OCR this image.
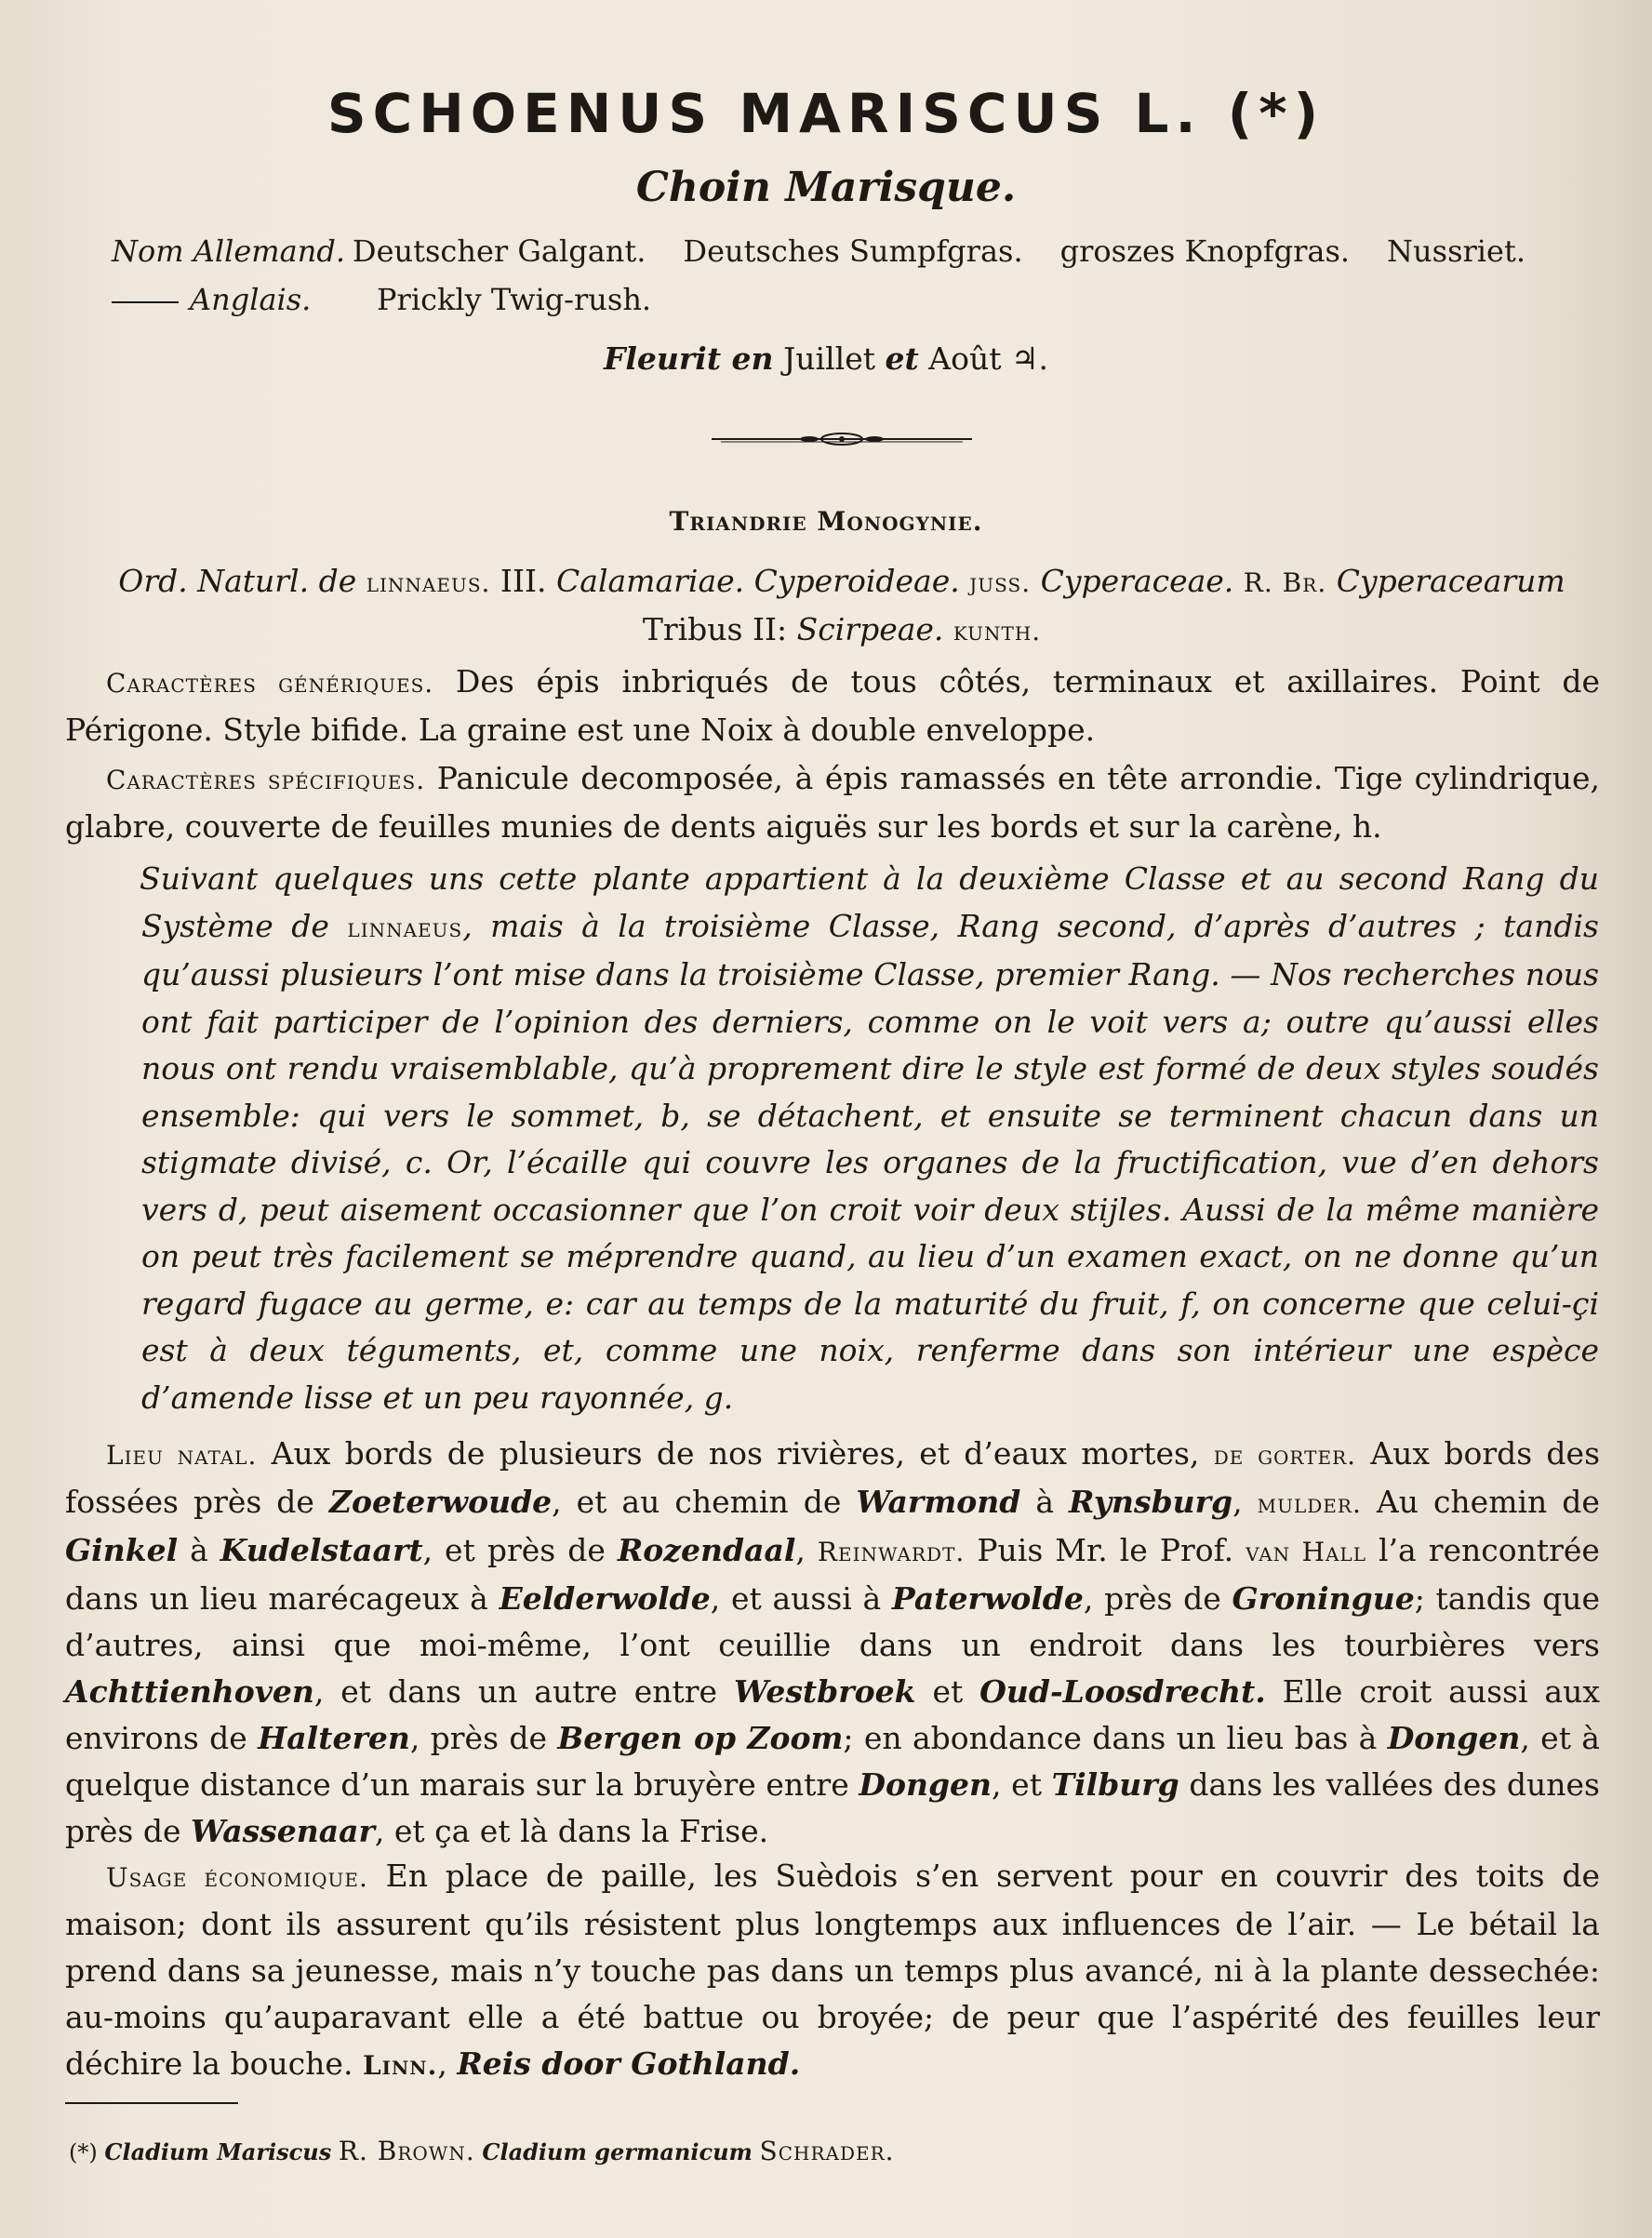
SCHOENUS MARISCUS L. (*)
Choin Marisque.
Nom Allemand. Deutscher Galgant. Deutsches Sumpfgras. groszes Knopfgras. Nussriet.
Anglais.	Prickly Twig-rush.
Fleurit en Juillet et Août ♃.
Triandrie Monogynie.
Ord. Naturl. de linnaeus. III. Calamariae. Cyperoideae. juss. Cyperaceae. R. Br. Cyperacearum Tribus II: Scirpeae. kunth.
Caractères génériques. Des épis inbriqués de tous côtés, terminaux et axillaires. Point de Périgone. Style bifide. La graine est une Noix à double enveloppe.
Caractères spécifiques. Panicule decomposée, à épis ramassés en tête arrondie. Tige cylindrique, glabre, couverte de feuilles munies de dents aiguës sur les bords et sur la carène, h.
Suivant quelques uns cette plante appartient à la deuxième Classe et au second Rang du Système de linnaeus, mais à la troisième Classe, Rang second, d’après d’autres ; tandis qu’aussi plusieurs l’ont mise dans la troisième Classe, premier Rang. — Nos recherches nous ont fait participer de l’opinion des derniers, comme on le voit vers a; outre qu’aussi elles nous ont rendu vraisemblable, qu’à proprement dire le style est formé de deux styles soudés ensemble: qui vers le sommet, b, se détachent, et ensuite se terminent chacun dans un stigmate divisé, c. Or, l’écaille qui couvre les organes de la fructification, vue d’en dehors vers d, peut aisement occasionner que l’on croit voir deux stijles. Aussi de la même manière on peut très facilement se méprendre quand, au lieu d’un examen exact, on ne donne qu’un regard fugace au germe, e: car au temps de la maturité du fruit, f, on concerne que celui-çi est à deux téguments, et, comme une noix, renferme dans son intérieur une espèce d’amende lisse et un peu rayonnée, g.
Lieu natal. Aux bords de plusieurs de nos rivières, et d’eaux mortes, de gorter. Aux bords des fossées près de Zoeterwoude, et au chemin de Warmond à Rynsburg, mulder. Au chemin de Ginkel à Kudelstaart, et près de Rozendaal, Reinwardt. Puis Mr. le Prof. van Hall l’a rencontrée dans un lieu marécageux à Eelderwolde, et aussi à Paterwolde, près de Groningue; tandis que d’autres, ainsi que moi-même, l’ont ceuillie dans un endroit dans les tourbières vers Achttienhoven, et dans un autre entre Westbroek et Oud-Loosdrecht. Elle croit aussi aux environs de Halteren, près de Bergen op Zoom; en abondance dans un lieu bas à Dongen, et à quelque distance d’un marais sur la bruyère entre Dongen, et Tilburg dans les vallées des dunes près de Wassenaar, et ça et là dans la Frise.
Usage économique. En place de paille, les Suèdois s’en servent pour en couvrir des toits de maison; dont ils assurent qu’ils résistent plus longtemps aux influences de l’air. — Le bétail la prend dans sa jeunesse, mais n’y touche pas dans un temps plus avancé, ni à la plante dessechée: au-moins qu’auparavant elle a été battue ou broyée; de peur que l’aspérité des feuilles leur déchire la bouche. Linn., Reis door Gothland.
(*) Cladium Mariscus R. Brown. Cladium germanicum Schrader.
